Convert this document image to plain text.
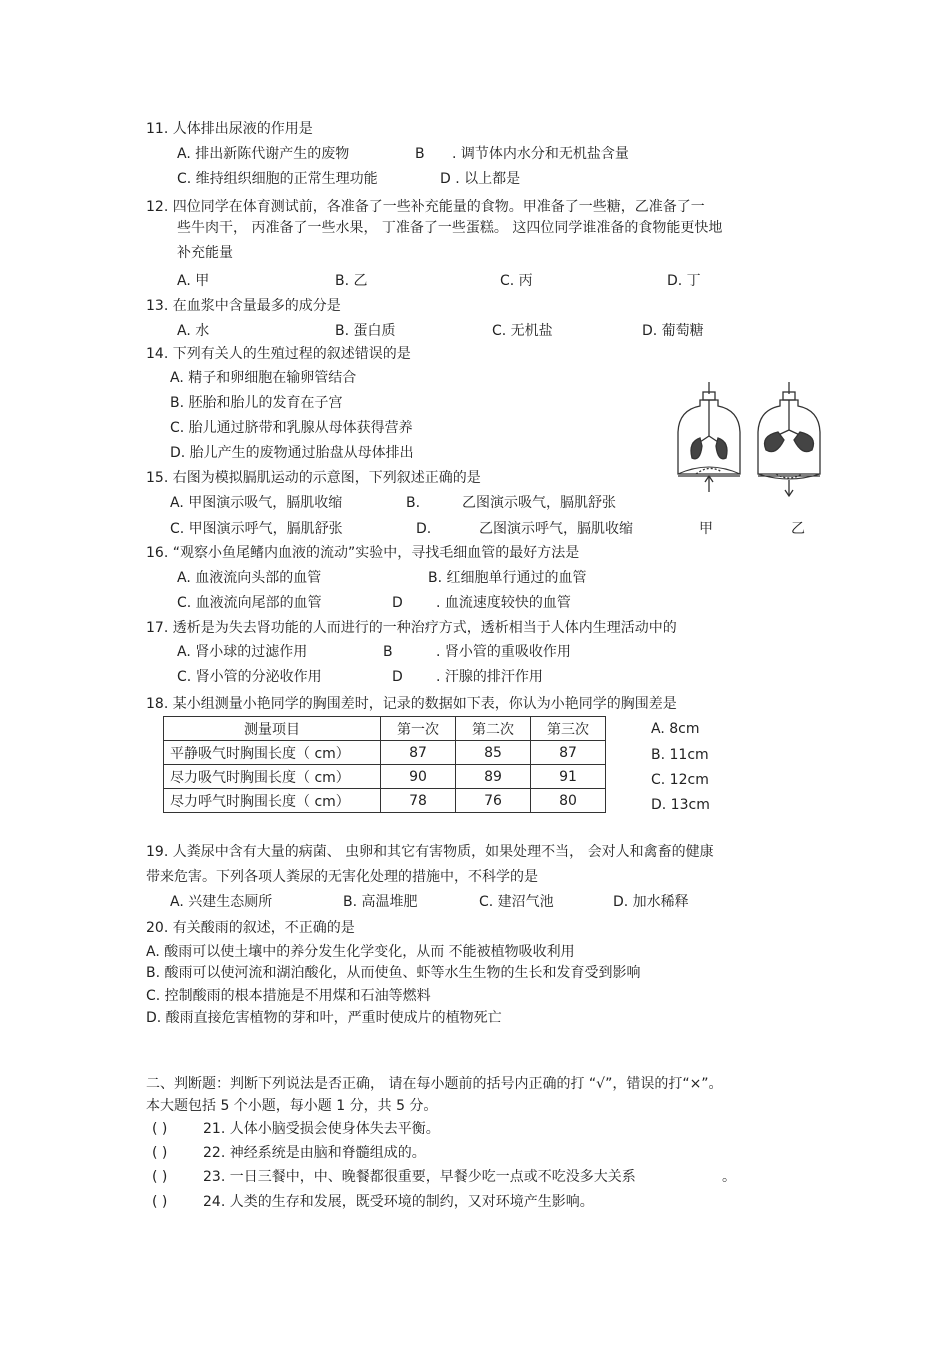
11. 人体排出尿液的作用是
A. 排出新陈代谢产生的废物	B . 调节体内水分和无机盐含量
C. 维持组织细胞的正常生理功能	D . 以上都是
12. 四位同学在体育测试前，各准备了一些补充能量的食物。甲准备了一些糖，乙准备了一
些牛肉干， 丙准备了一些水果， 丁准备了一些蛋糕。 这四位同学谁准备的食物能更快地
补充能量
A. 甲	B. 乙	C. 丙	D. 丁
13. 在血浆中含量最多的成分是
A. 水	B. 蛋白质	C. 无机盐	D. 葡萄糖
14. 下列有关人的生殖过程的叙述错误的是
A. 精子和卵细胞在输卵管结合
B. 胚胎和胎儿的发育在子宫
C. 胎儿通过脐带和乳腺从母体获得营养
D. 胎儿产生的废物通过胎盘从母体排出
15. 右图为模拟膈肌运动的示意图，下列叙述正确的是
A. 甲图演示吸气，膈肌收缩	B.	乙图演示吸气，膈肌舒张
C. 甲图演示呼气，膈肌舒张	D.	乙图演示呼气，膈肌收缩	甲	乙
16. “观察小鱼尾鳍内血液的流动”实验中，寻找毛细血管的最好方法是
A. 血液流向头部的血管	B. 红细胞单行通过的血管
C. 血液流向尾部的血管	D . 血流速度较快的血管
17. 透析是为失去肾功能的人而进行的一种治疗方式，透析相当于人体内生理活动中的
A. 肾小球的过滤作用	B	. 肾小管的重吸收作用
C. 肾小管的分泌收作用	D . 汗腺的排汗作用
18. 某小组测量小艳同学的胸围差时，记录的数据如下表，你认为小艳同学的胸围差是
测量项目	第一次	第二次	第三次
平静吸气时胸围长度（ cm）	87	85	87
尽力吸气时胸围长度（ cm）	90	89	91
尽力呼气时胸围长度（ cm）	78	76	80
A. 8cm
B. 11cm
C. 12cm
D. 13cm
19. 人粪尿中含有大量的病菌、 虫卵和其它有害物质，如果处理不当， 会对人和禽畜的健康
带来危害。下列各项人粪尿的无害化处理的措施中，不科学的是
A. 兴建生态厕所	B. 高温堆肥	C. 建沼气池	D. 加水稀释
20. 有关酸雨的叙述，不正确的是
A. 酸雨可以使土壤中的养分发生化学变化，从而 不能被植物吸收利用
B. 酸雨可以使河流和湖泊酸化，从而使鱼、虾等水生生物的生长和发育受到影响
C. 控制酸雨的根本措施是不用煤和石油等燃料
D. 酸雨直接危害植物的芽和叶，严重时使成片的植物死亡
二、判断题：判断下列说法是否正确， 请在每小题前的括号内正确的打 “√”，错误的打“×”。
本大题包括 5 个小题，每小题 1 分，共 5 分。
( )	21. 人体小脑受损会使身体失去平衡。
( )	22. 神经系统是由脑和脊髓组成的。
( )	23. 一日三餐中，中、晚餐都很重要，早餐少吃一点或不吃没多大关系	。
( )	24. 人类的生存和发展，既受环境的制约，又对环境产生影响。
